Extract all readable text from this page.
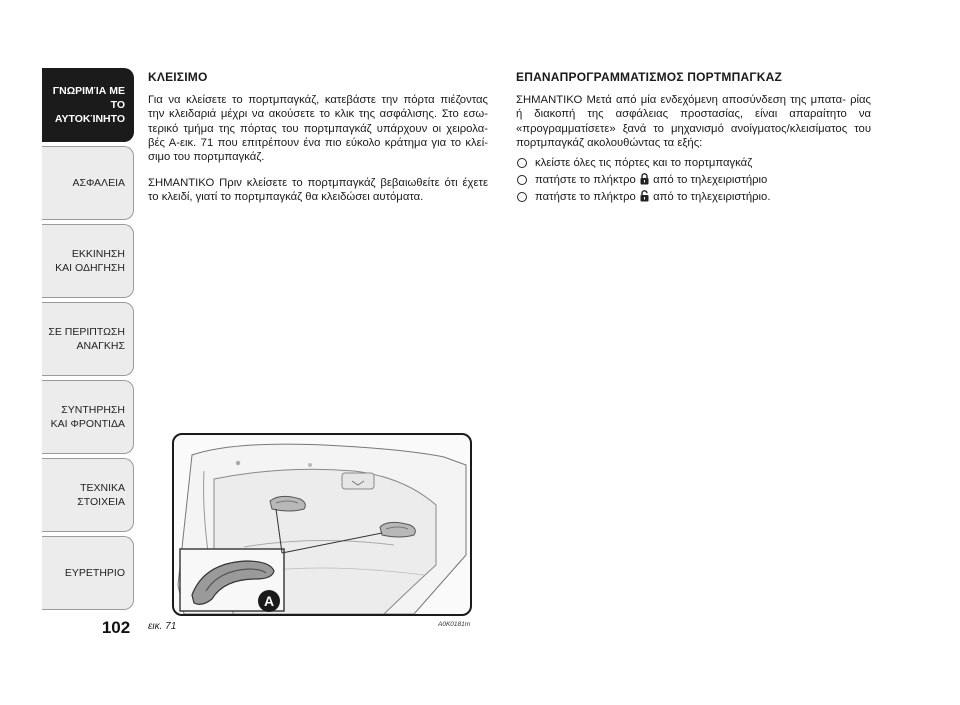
ΓΝΩΡΙΜΊΑ ΜΕ ΤΟ
ΑΥΤΟΚΊΝΗΤΟ
ΑΣΦΑΛΕΙΑ
ΕΚΚΙΝΗΣΗ
ΚΑΙ ΟΔΗΓΗΣΗ
ΣΕ ΠΕΡΙΠΤΩΣΗ
ΑΝΑΓΚΗΣ
ΣΥΝΤΗΡΗΣΗ
ΚΑΙ ΦΡΟΝΤΙΔΑ
ΤΕΧΝΙΚΑ
ΣΤΟΙΧΕΙΑ
ΕΥΡΕΤΗΡΙΟ
102
ΚΛΕΙΣΙΜΟ

Για να κλείσετε το πορτμπαγκάζ, κατεβάστε την πόρτα πιέζοντας την κλειδαριά μέχρι να ακούσετε το κλικ της ασφάλισης. Στο εσω- τερικό τμήμα της πόρτας του πορτμπαγκάζ υπάρχουν οι χειρολα- βές Α-εικ. 71 που επιτρέπουν ένα πιο εύκολο κράτημα για το κλεί- σιμο του πορτμπαγκάζ.

ΣΗΜΑΝΤΙΚΟ Πριν κλείσετε το πορτμπαγκάζ βεβαιωθείτε ότι έχετε το κλειδί, γιατί το πορτμπαγκάζ θα κλειδώσει αυτόματα.

ΕΠΑΝΑΠΡΟΓΡΑΜΜΑΤΙΣΜΟΣ ΠΟΡΤΜΠΑΓΚΑΖ

ΣΗΜΑΝΤΙΚΟ Μετά από μία ενδεχόμενη αποσύνδεση της μπατα- ρίας ή διακοπή της ασφάλειας προστασίας, είναι απαραίτητο να «προγραμματίσετε» ξανά το μηχανισμό ανοίγματος/κλεισίματος του πορτμπαγκάζ ακολουθώντας τα εξής:

κλείστε όλες τις πόρτες και το πορτμπαγκάζ
πατήστε το πλήκτρο από το τηλεχειριστήριο
πατήστε το πλήκτρο από το τηλεχειριστήριο.
A
εικ. 71	A0K0181m
